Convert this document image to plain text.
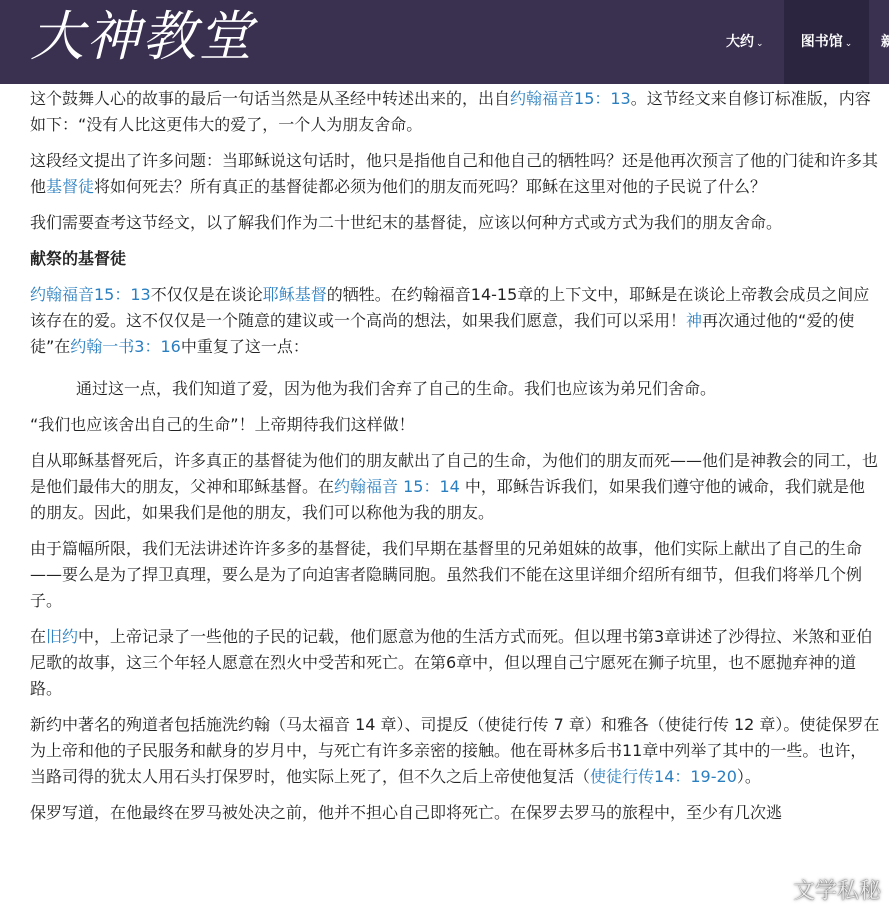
大神教堂	大约 ⌄	图书馆 ⌄	新

这个鼓舞人心的故事的最后一句话当然是从圣经中转述出来的，出自约翰福音15：13。这节经文来自修订标准版，内容如下：“没有人比这更伟大的爱了，一个人为朋友舍命。

这段经文提出了许多问题：当耶稣说这句话时，他只是指他自己和他自己的牺牲吗？还是他再次预言了他的门徒和许多其他基督徒将如何死去？所有真正的基督徒都必须为他们的朋友而死吗？耶稣在这里对他的子民说了什么？

我们需要查考这节经文，以了解我们作为二十世纪末的基督徒，应该以何种方式或方式为我们的朋友舍命。

献祭的基督徒

约翰福音15：13不仅仅是在谈论耶稣基督的牺牲。在约翰福音14-15章的上下文中，耶稣是在谈论上帝教会成员之间应该存在的爱。这不仅仅是一个随意的建议或一个高尚的想法，如果我们愿意，我们可以采用！神再次通过他的“爱的使徒”在约翰一书3：16中重复了这一点：

通过这一点，我们知道了爱，因为他为我们舍弃了自己的生命。我们也应该为弟兄们舍命。

“我们也应该舍出自己的生命”！上帝期待我们这样做！

自从耶稣基督死后，许多真正的基督徒为他们的朋友献出了自己的生命，为他们的朋友而死——他们是神教会的同工，也是他们最伟大的朋友，父神和耶稣基督。在约翰福音 15：14 中，耶稣告诉我们，如果我们遵守他的诫命，我们就是他的朋友。因此，如果我们是他的朋友，我们可以称他为我的朋友。

由于篇幅所限，我们无法讲述许许多多的基督徒，我们早期在基督里的兄弟姐妹的故事，他们实际上献出了自己的生命——要么是为了捍卫真理，要么是为了向迫害者隐瞒同胞。虽然我们不能在这里详细介绍所有细节，但我们将举几个例子。

在旧约中，上帝记录了一些他的子民的记载，他们愿意为他的生活方式而死。但以理书第3章讲述了沙得拉、米煞和亚伯尼歌的故事，这三个年轻人愿意在烈火中受苦和死亡。在第6章中，但以理自己宁愿死在狮子坑里，也不愿抛弃神的道路。

新约中著名的殉道者包括施洗约翰（马太福音 14 章）、司提反（使徒行传 7 章）和雅各（使徒行传 12 章）。使徒保罗在为上帝和他的子民服务和献身的岁月中，与死亡有许多亲密的接触。他在哥林多后书11章中列举了其中的一些。也许，当路司得的犹太人用石头打保罗时，他实际上死了，但不久之后上帝使他复活（使徒行传14：19-20）。

保罗写道，在他最终在罗马被处决之前，他并不担心自己即将死亡。在保罗去罗马的旅程中，至少有几次逃

文学私秘
